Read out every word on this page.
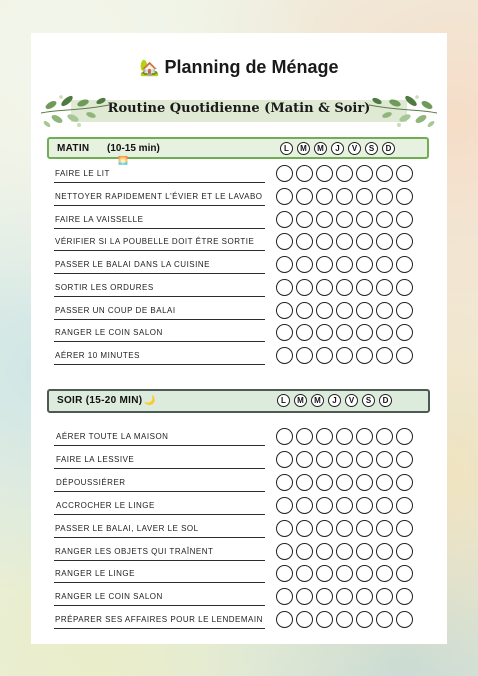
🏡 Planning de Ménage
Routine Quotidienne (Matin & Soir)
MATIN (10-15 min)
🌅
L	M	M	J	V	S	D
FAIRE LE LIT
NETTOYER RAPIDEMENT L'ÉVIER ET LE LAVABO
FAIRE LA VAISSELLE
VÉRIFIER SI LA POUBELLE DOIT ÊTRE SORTIE
PASSER LE BALAI DANS LA CUISINE
SORTIR LES ORDURES
PASSER UN COUP DE BALAI
RANGER LE COIN SALON
AÉRER 10 MINUTES
SOIR (15-20 MIN) 🌙	L	M	M	J	V	S	D
AÉRER TOUTE LA MAISON
FAIRE LA LESSIVE
DÉPOUSSIÉRER
ACCROCHER LE LINGE
PASSER LE BALAI, LAVER LE SOL
RANGER LES OBJETS QUI TRAÎNENT
RANGER LE LINGE
RANGER LE COIN SALON
PRÉPARER SES AFFAIRES POUR LE LENDEMAIN
